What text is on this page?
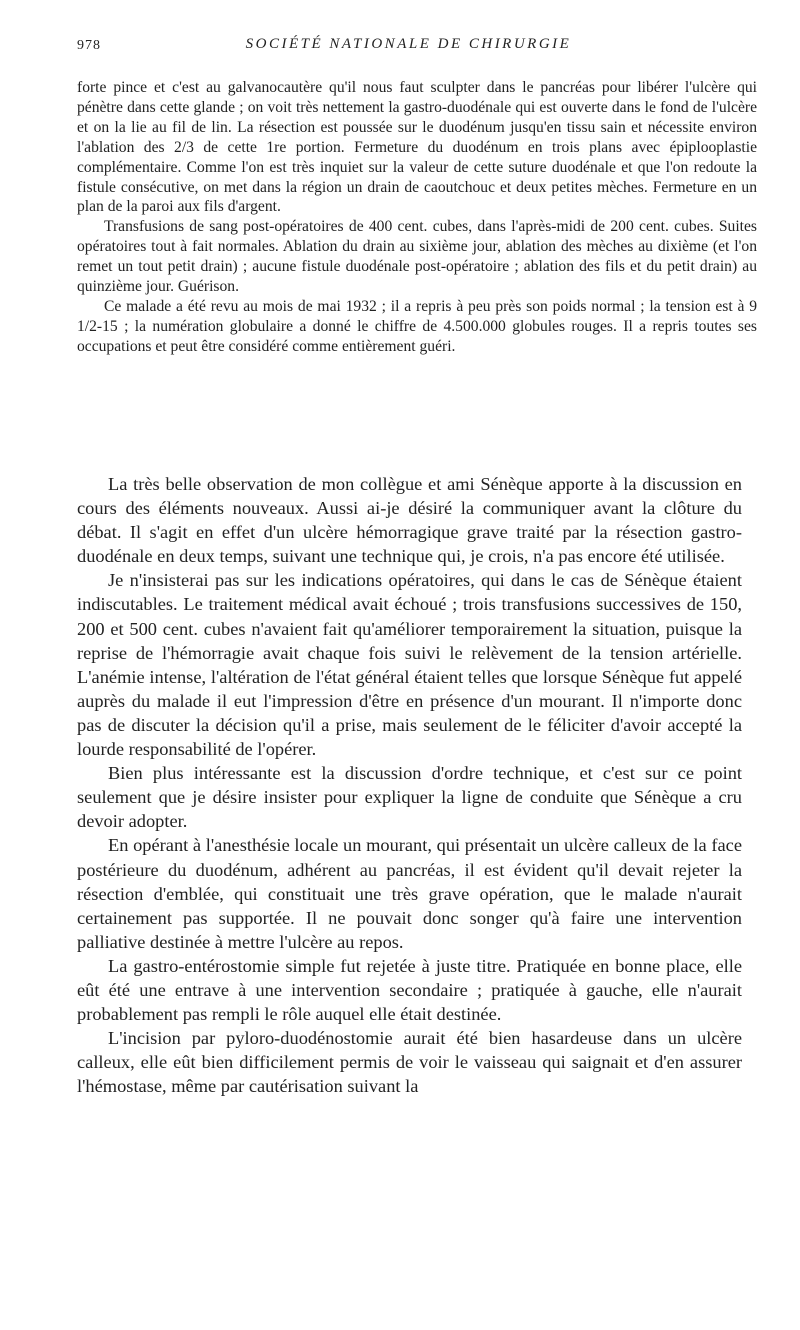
978	SOCIÉTÉ NATIONALE DE CHIRURGIE

forte pince et c'est au galvanocautère qu'il nous faut sculpter dans le pancréas pour libérer l'ulcère qui pénètre dans cette glande ; on voit très nettement la gastro-duodénale qui est ouverte dans le fond de l'ulcère et on la lie au fil de lin. La résection est poussée sur le duodénum jusqu'en tissu sain et nécessite environ l'ablation des 2/3 de cette 1re portion. Fermeture du duodénum en trois plans avec épiplooplastie complémentaire. Comme l'on est très inquiet sur la valeur de cette suture duodénale et que l'on redoute la fistule consécutive, on met dans la région un drain de caoutchouc et deux petites mèches. Fermeture en un plan de la paroi aux fils d'argent.

Transfusions de sang post-opératoires de 400 cent. cubes, dans l'après-midi de 200 cent. cubes. Suites opératoires tout à fait normales. Ablation du drain au sixième jour, ablation des mèches au dixième (et l'on remet un tout petit drain) ; aucune fistule duodénale post-opératoire ; ablation des fils et du petit drain) au quinzième jour. Guérison.

Ce malade a été revu au mois de mai 1932 ; il a repris à peu près son poids normal ; la tension est à 9 1/2-15 ; la numération globulaire a donné le chiffre de 4.500.000 globules rouges. Il a repris toutes ses occupations et peut être considéré comme entièrement guéri.

La très belle observation de mon collègue et ami Sénèque apporte à la discussion en cours des éléments nouveaux. Aussi ai-je désiré la communiquer avant la clôture du débat. Il s'agit en effet d'un ulcère hémorragique grave traité par la résection gastro-duodénale en deux temps, suivant une technique qui, je crois, n'a pas encore été utilisée.

Je n'insisterai pas sur les indications opératoires, qui dans le cas de Sénèque étaient indiscutables. Le traitement médical avait échoué ; trois transfusions successives de 150, 200 et 500 cent. cubes n'avaient fait qu'améliorer temporairement la situation, puisque la reprise de l'hémorragie avait chaque fois suivi le relèvement de la tension artérielle. L'anémie intense, l'altération de l'état général étaient telles que lorsque Sénèque fut appelé auprès du malade il eut l'impression d'être en présence d'un mourant. Il n'importe donc pas de discuter la décision qu'il a prise, mais seulement de le féliciter d'avoir accepté la lourde responsabilité de l'opérer.

Bien plus intéressante est la discussion d'ordre technique, et c'est sur ce point seulement que je désire insister pour expliquer la ligne de conduite que Sénèque a cru devoir adopter.

En opérant à l'anesthésie locale un mourant, qui présentait un ulcère calleux de la face postérieure du duodénum, adhérent au pancréas, il est évident qu'il devait rejeter la résection d'emblée, qui constituait une très grave opération, que le malade n'aurait certainement pas supportée. Il ne pouvait donc songer qu'à faire une intervention palliative destinée à mettre l'ulcère au repos.

La gastro-entérostomie simple fut rejetée à juste titre. Pratiquée en bonne place, elle eût été une entrave à une intervention secondaire ; pratiquée à gauche, elle n'aurait probablement pas rempli le rôle auquel elle était destinée.

L'incision par pyloro-duodénostomie aurait été bien hasardeuse dans un ulcère calleux, elle eût bien difficilement permis de voir le vaisseau qui saignait et d'en assurer l'hémostase, même par cautérisation suivant la
